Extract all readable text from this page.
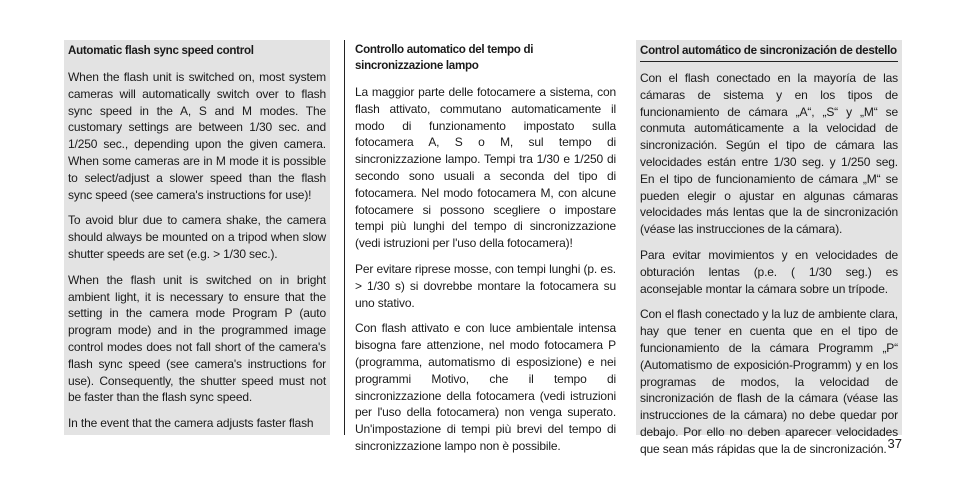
Automatic flash sync speed control

When the flash unit is switched on, most system cameras will automatically switch over to flash sync speed in the A, S and M modes. The customary settings are between 1/30 sec. and 1/250 sec., depending upon the given camera. When some cameras are in M mode it is possible to select/adjust a slower speed than the flash sync speed (see camera's instructions for use)!

To avoid blur due to camera shake, the camera should always be mounted on a tripod when slow shutter speeds are set (e.g. > 1/30 sec.).

When the flash unit is switched on in bright ambient light, it is necessary to ensure that the setting in the camera mode Program P (auto program mode) and in the programmed image control modes does not fall short of the camera's flash sync speed (see camera's instructions for use). Consequently, the shutter speed must not be faster than the flash sync speed.

In the event that the camera adjusts faster flash

Controllo automatico del tempo di sincronizzazione lampo

La maggior parte delle fotocamere a sistema, con flash attivato, commutano automaticamente il modo di funzionamento impostato sulla fotocamera A, S o M, sul tempo di sincronizzazione lampo. Tempi tra 1/30 e 1/250 di secondo sono usuali a seconda del tipo di fotocamera. Nel modo fotocamera M, con alcune fotocamere si possono scegliere o impostare tempi più lunghi del tempo di sincronizzazione (vedi istruzioni per l'uso della fotocamera)!

Per evitare riprese mosse, con tempi lunghi (p. es. > 1/30 s) si dovrebbe montare la fotocamera su uno stativo.

Con flash attivato e con luce ambientale intensa bisogna fare attenzione, nel modo fotocamera P (programma, automatismo di esposizione) e nei programmi Motivo, che il tempo di sincronizzazione della fotocamera (vedi istruzioni per l'uso della fotocamera) non venga superato. Un'impostazione di tempi più brevi del tempo di sincronizzazione lampo non è possibile.

Control automático de sincronización de destello

Con el flash conectado en la mayoría de las cámaras de sistema y en los tipos de funcionamiento de cámara „A“, „S“ y „M“ se conmuta automáticamente a la velocidad de sincronización. Según el tipo de cámara las velocidades están entre 1/30 seg. y 1/250 seg. En el tipo de funcionamiento de cámara „M“ se pueden elegir o ajustar en algunas cámaras velocidades más lentas que la de sincronización (véase las instrucciones de la cámara).

Para evitar movimientos y en velocidades de obturación lentas (p.e. ( 1/30 seg.) es aconsejable montar la cámara sobre un trípode.

Con el flash conectado y la luz de ambiente clara, hay que tener en cuenta que en el tipo de funcionamiento de la cámara Programm „P“ (Automatismo de exposición-Programm) y en los programas de modos, la velocidad de sincronización de flash de la cámara (véase las instrucciones de la cámara) no debe quedar por debajo. Por ello no deben aparecer velocidades que sean más rápidas que la de sincronización. 37
